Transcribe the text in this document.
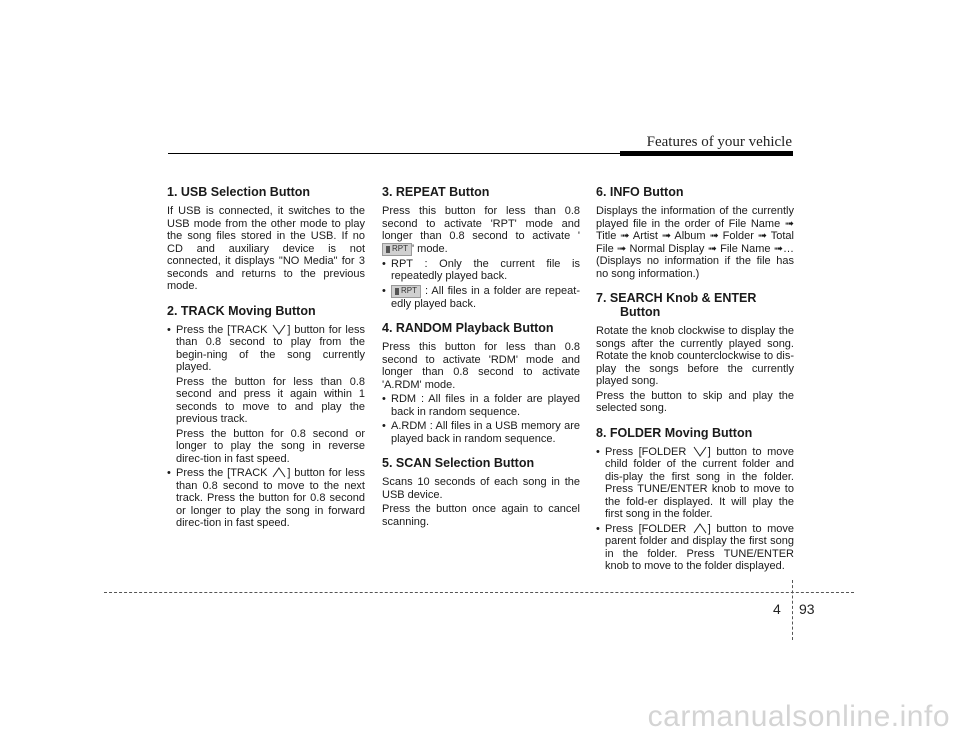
Features of your vehicle
1. USB Selection Button

If USB is connected, it switches to the USB mode from the other mode to play the song files stored in the USB. If no CD and auxiliary device is not connected, it displays "NO Media" for 3 seconds and returns to the previous mode.

2. TRACK Moving Button
• Press the [TRACK ] button for less than 0.8 second to play from the begin-ning of the song currently played.
Press the button for less than 0.8 second and press it again within 1 seconds to move to and play the previous track.
Press the button for 0.8 second or longer to play the song in reverse direc-tion in fast speed.
• Press the [TRACK ] button for less than 0.8 second to move to the next track. Press the button for 0.8 second or longer to play the song in forward direc-tion in fast speed.
3. REPEAT Button

Press this button for less than 0.8 second to activate 'RPT' mode and longer than 0.8 second to activate '
RPT ' mode.

• RPT : Only the current file is repeatedly played back.
• RPT : All files in a folder are repeat-edly played back.
4. RANDOM Playback Button

Press this button for less than 0.8 second to activate 'RDM' mode and longer than 0.8 second to activate 'A.RDM' mode.

• RDM : All files in a folder are played back in random sequence.
• A.RDM : All files in a USB memory are played back in random sequence.
5. SCAN Selection Button

Scans 10 seconds of each song in the USB device.

Press the button once again to cancel scanning.

6. INFO Button

Displays the information of the currently played file in the order of File Name ➟ Title ➟ Artist ➟ Album ➟ Folder ➟ Total File ➟ Normal Display ➟ File Name ➟… (Displays no information if the file has no song information.)

7. SEARCH Knob & ENTER
Button

Rotate the knob clockwise to display the songs after the currently played song. Rotate the knob counterclockwise to dis-play the songs before the currently played song.

Press the button to skip and play the selected song.

8. FOLDER Moving Button
• Press [FOLDER ] button to move child folder of the current folder and dis-play the first song in the folder. Press TUNE/ENTER knob to move to the fold-er displayed. It will play the first song in the folder.
• Press [FOLDER ] button to move parent folder and display the first song in the folder. Press TUNE/ENTER knob to move to the folder displayed.
4 93
carmanualsonline.info
